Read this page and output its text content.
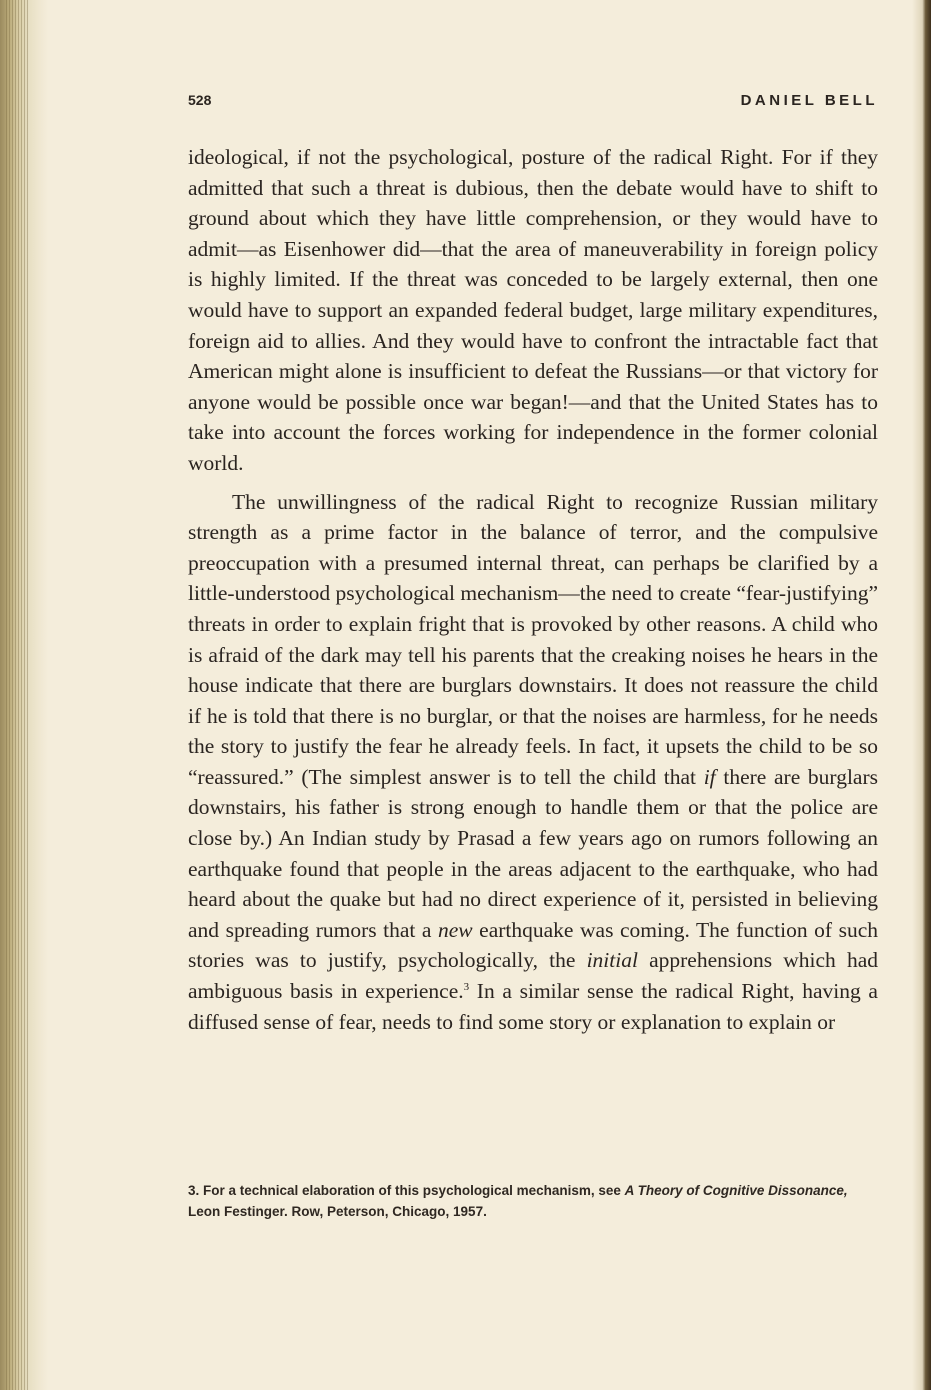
528	DANIEL BELL

ideological, if not the psychological, posture of the radical Right. For if they admitted that such a threat is dubious, then the debate would have to shift to ground about which they have little comprehension, or they would have to admit—as Eisenhower did—that the area of maneuverability in foreign policy is highly limited. If the threat was conceded to be largely external, then one would have to support an expanded federal budget, large military expenditures, foreign aid to allies. And they would have to confront the intractable fact that American might alone is insufficient to defeat the Russians—or that victory for anyone would be possible once war began!—and that the United States has to take into account the forces working for independence in the former colonial world.

The unwillingness of the radical Right to recognize Russian military strength as a prime factor in the balance of terror, and the compulsive preoccupation with a presumed internal threat, can perhaps be clarified by a little-understood psychological mechanism—the need to create “fear-justifying” threats in order to explain fright that is provoked by other reasons. A child who is afraid of the dark may tell his parents that the creaking noises he hears in the house indicate that there are burglars downstairs. It does not reassure the child if he is told that there is no burglar, or that the noises are harmless, for he needs the story to justify the fear he already feels. In fact, it upsets the child to be so “reassured.” (The simplest answer is to tell the child that if there are burglars downstairs, his father is strong enough to handle them or that the police are close by.) An Indian study by Prasad a few years ago on rumors following an earthquake found that people in the areas adjacent to the earthquake, who had heard about the quake but had no direct experience of it, persisted in believing and spreading rumors that a new earthquake was coming. The function of such stories was to justify, psychologically, the initial apprehensions which had ambiguous basis in experience.$^3$ In a similar sense the radical Right, having a diffused sense of fear, needs to find some story or explanation to explain or

3. For a technical elaboration of this psychological mechanism, see A Theory of Cognitive Dissonance, Leon Festinger. Row, Peterson, Chicago, 1957.
